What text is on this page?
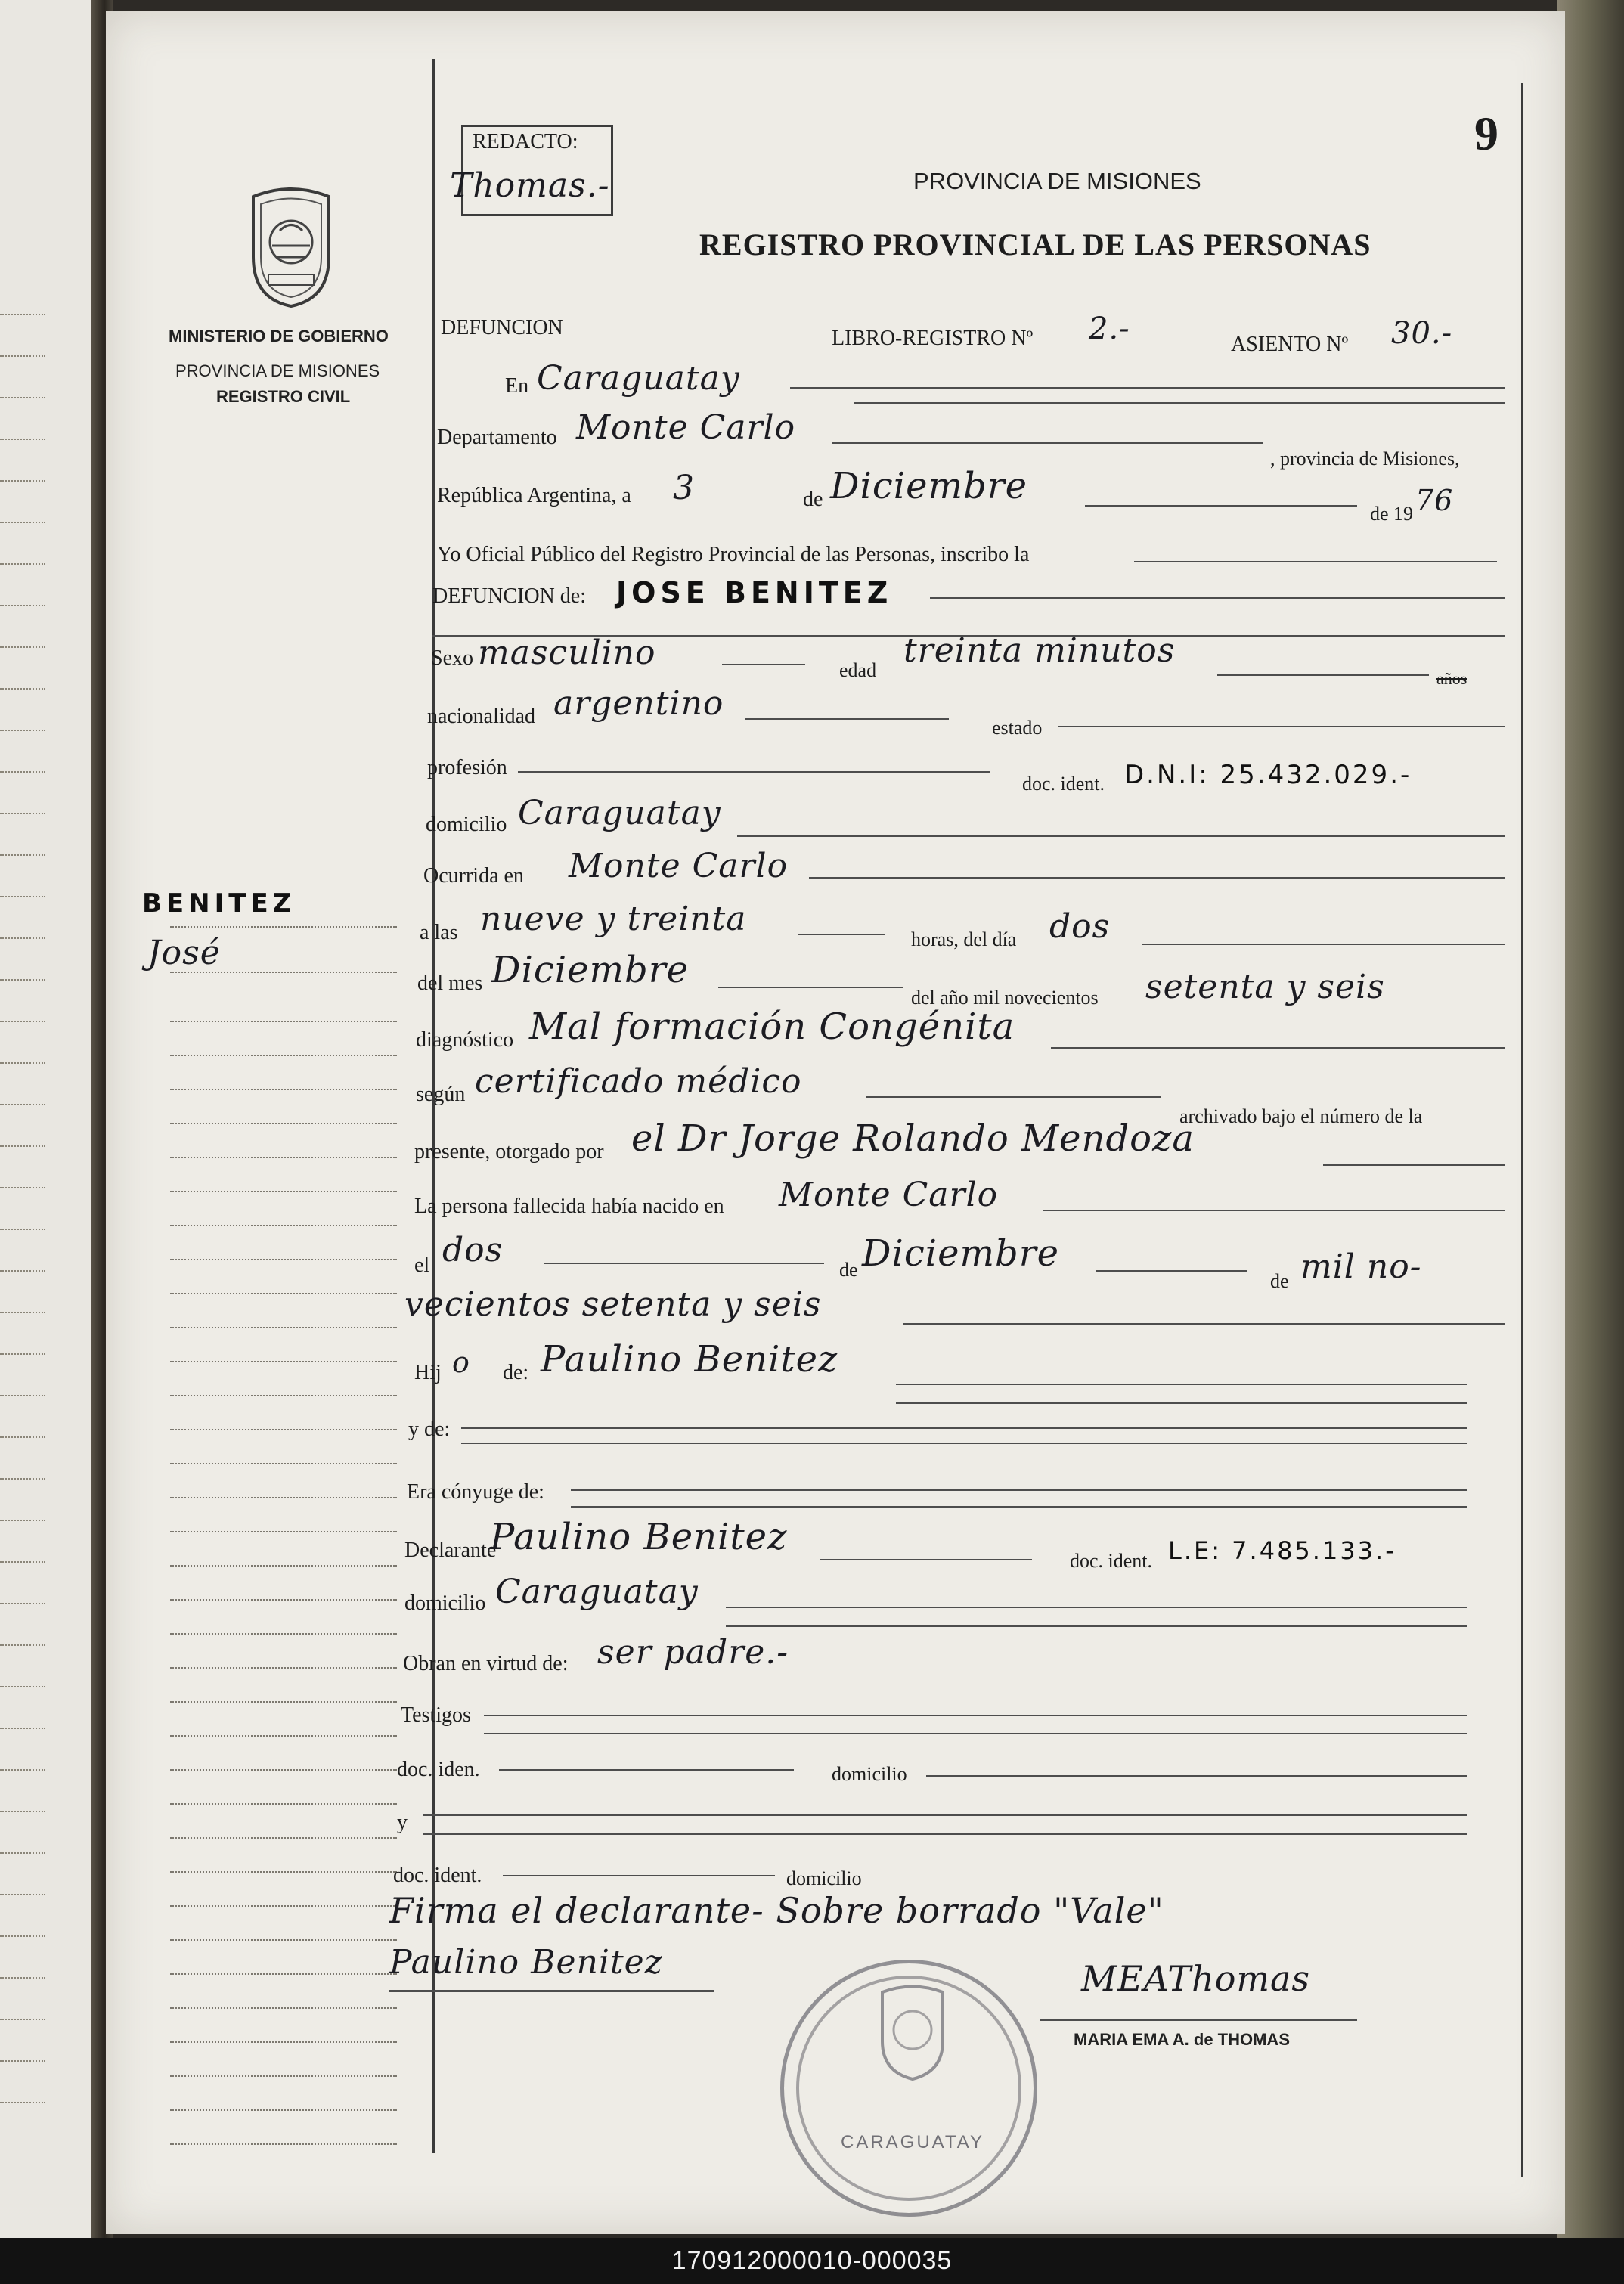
9
REDACTO:
Thomas.-	PROVINCIA DE MISIONES
REGISTRO PROVINCIAL DE LAS PERSONAS
MINISTERIO DE GOBIERNO
PROVINCIA DE MISIONES
REGISTRO CIVIL
BENITEZ
José
DEFUNCION	LIBRO-REGISTRO Nº 2.-	ASIENTO Nº 30.-
En Caraguatay
Departamento Monte Carlo
, provincia de Misiones,
República Argentina, a 3	de Diciembre
de 19 76
Yo Oficial Público del Registro Provincial de las Personas, inscribo la
DEFUNCION de: JOSE BENITEZ
Sexo masculino	edad
treinta minutos
años
nacionalidad argentino
estado
profesión
doc. ident. D.N.I: 25.432.029.-
domicilio Caraguatay
Ocurrida en Monte Carlo
a las nueve y treinta
horas, del día dos
del mes Diciembre
del año mil novecientos setenta y seis
diagnóstico Mal formación Congénita
según certificado médico
archivado bajo el número de la
presente, otorgado por el Dr Jorge Rolando Mendoza
La persona fallecida había nacido en Monte Carlo
el dos
de Diciembre
de mil no-
vecientos setenta y seis
Hij o de: Paulino Benitez
y de:
Era cónyuge de:
Declarante
Paulino Benitez
doc. ident. L.E: 7.485.133.-
domicilio Caraguatay
Obran en virtud de: ser padre.-
Testigos
doc. iden.	domicilio
y
doc. ident.	domicilio
Firma el declarante- Sobre borrado "Vale"
Paulino Benitez	MEAThomas
MARIA EMA A. de THOMAS
CARAGUATAY
170912000010-000035
